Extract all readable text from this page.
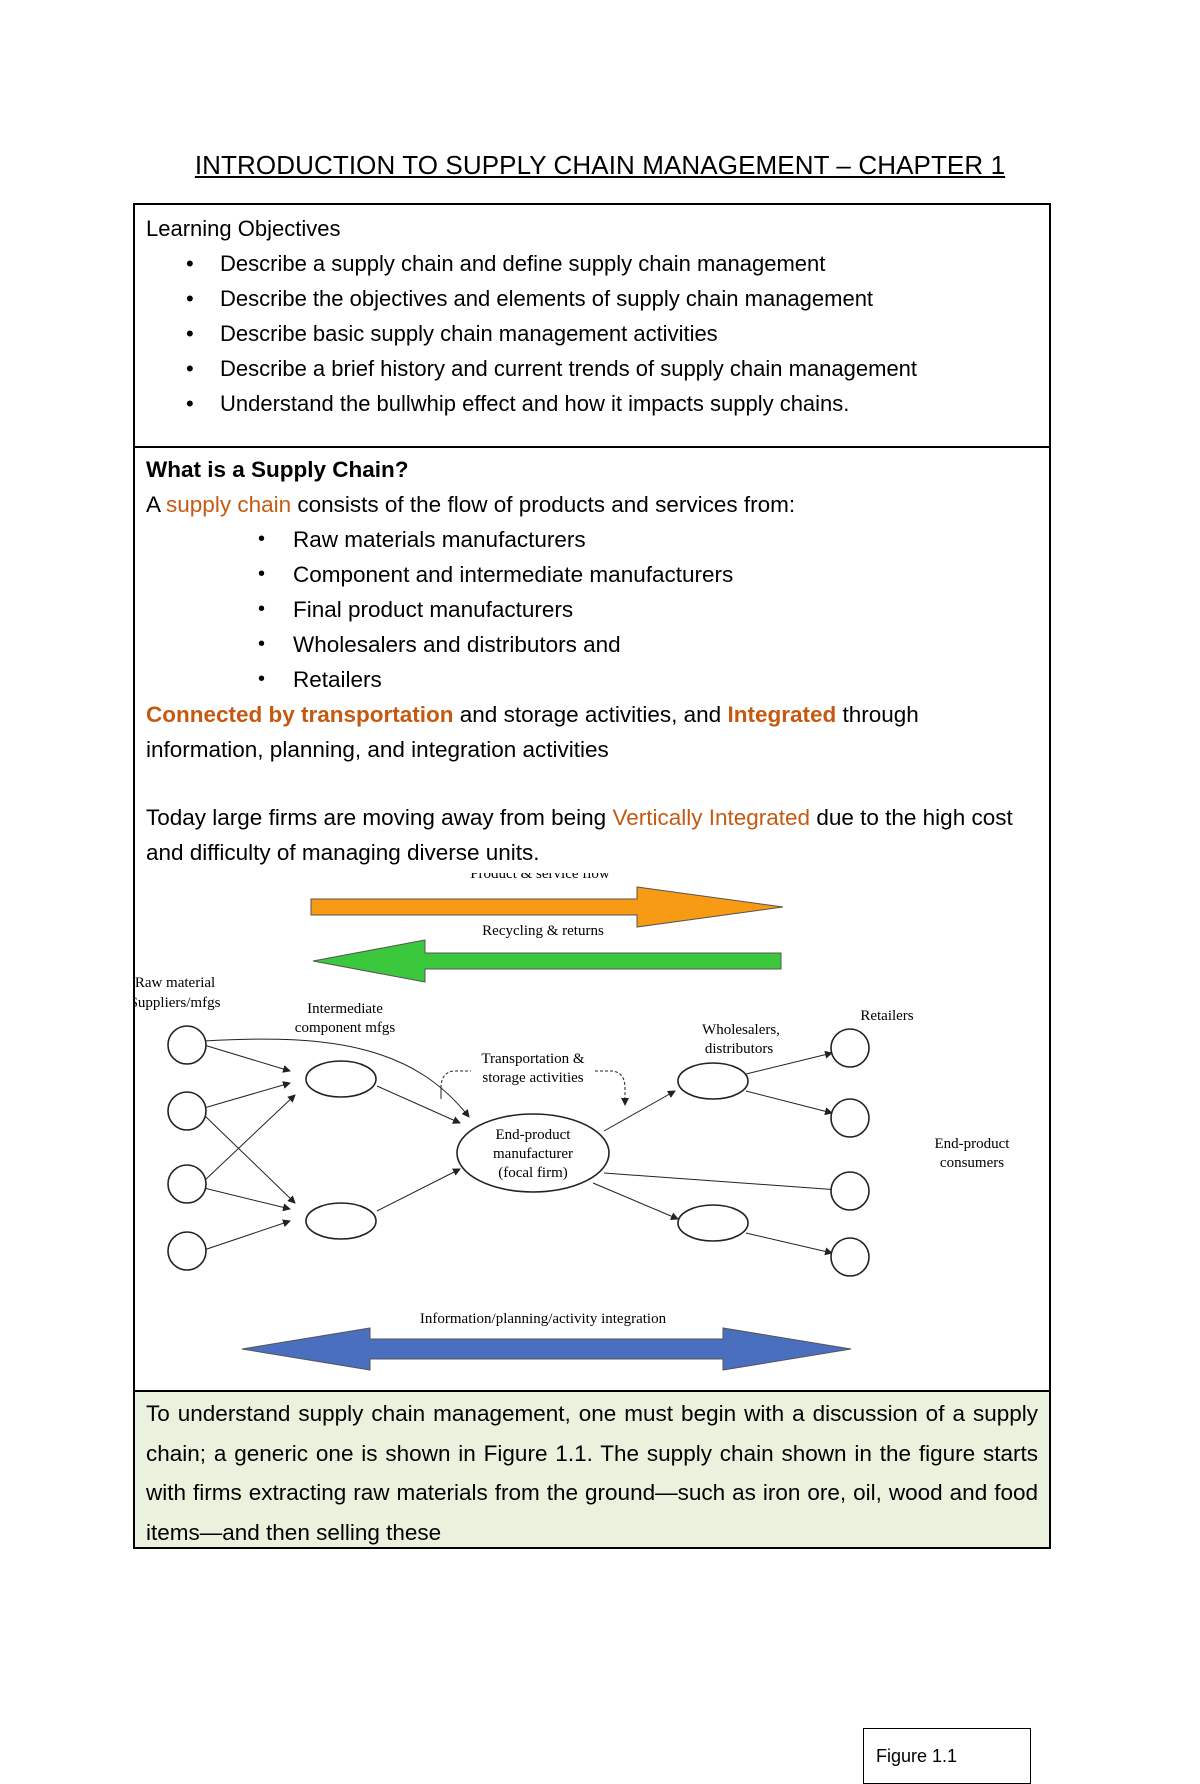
INTRODUCTION TO SUPPLY CHAIN MANAGEMENT – CHAPTER 1
Learning Objectives
• Describe a supply chain and define supply chain management
• Describe the objectives and elements of supply chain management
• Describe basic supply chain management activities
• Describe a brief history and current trends of supply chain management
• Understand the bullwhip effect and how it impacts supply chains.
What is a Supply Chain?
A supply chain consists of the flow of products and services from:
• Raw materials manufacturers
• Component and intermediate manufacturers
• Final product manufacturers
• Wholesalers and distributors and
• Retailers
Connected by transportation and storage activities, and Integrated through information, planning, and integration activities
Today large firms are moving away from being Vertically Integrated due to the high cost and difficulty of managing diverse units.
Product & service flow
Recycling & returns
Raw material
Suppliers/mfgs	Intermediate
component mfgs
Transportation &
storage activities
Wholesalers,
distributors
Retailers
End-product
consumers
End-product
manufacturer
(focal firm)
Information/planning/activity integration
Figure 1.1
To understand supply chain management, one must begin with a discussion of a supply chain; a generic one is shown in Figure 1.1. The supply chain shown in the figure starts with firms extracting raw materials from the ground—such as iron ore, oil, wood and food items—and then selling these
